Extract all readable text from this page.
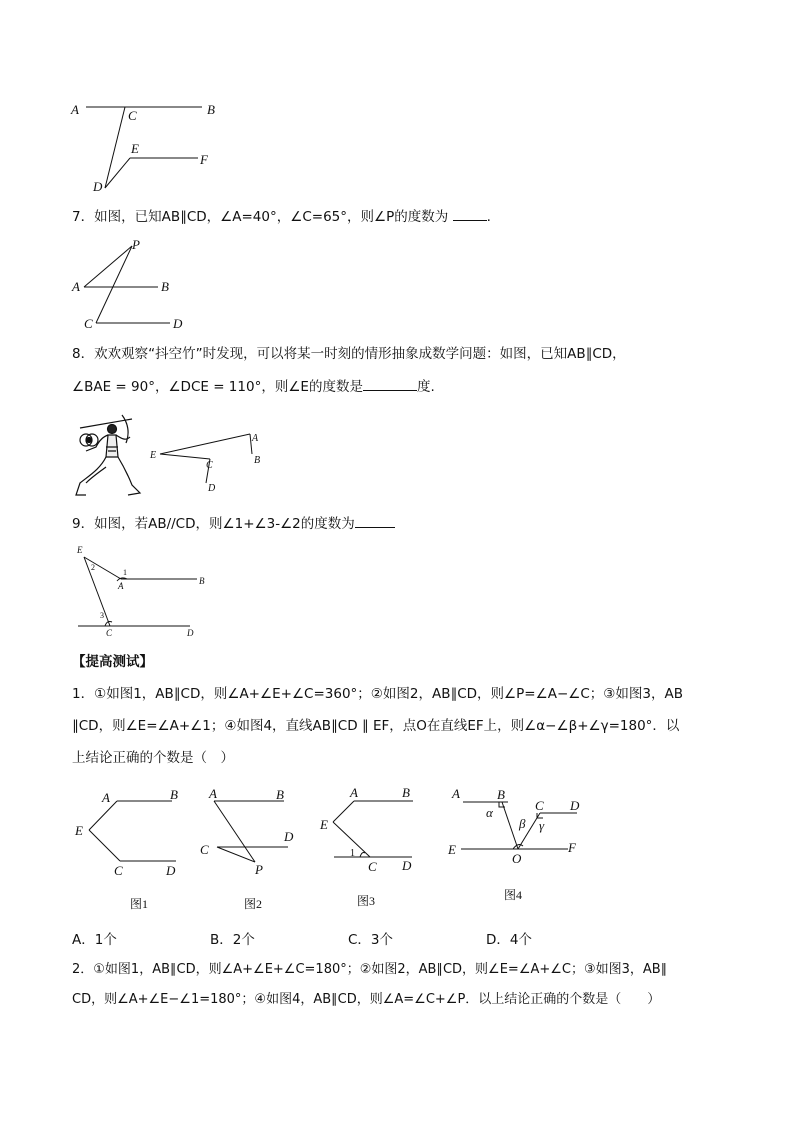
A	B
C
E
F
D
7．如图，已知AB∥CD，∠A=40°，∠C=65°，则∠P的度数为	.
P
A	B
C	D
8．欢欢观察“抖空竹”时发现，可以将某一时刻的情形抽象成数学问题：如图，已知AB∥CD，
∠BAE = 90°，∠DCE = 110°，则∠E的度数是	度.
A
B
E
C
D
9．如图，若AB//CD，则∠1+∠3-∠2的度数为
E
2
1
A	B
3
C	D
【提高测试】
1．①如图1，AB∥CD，则∠A+∠E+∠C=360°；②如图2，AB∥CD，则∠P=∠A−∠C；③如图3，AB
∥CD，则∠E=∠A+∠1；④如图4，直线AB∥CD ∥ EF，点O在直线EF上，则∠α−∠β+∠γ=180°．以
上结论正确的个数是（　）
A	B
E
C	D
图1
A	B
D
C
P
图2
A	B
E
1
C D
图3
A	B
α	C D
β γ
E
O
F
图4
A．1个	B．2个	C．3个	D．4个
2．①如图1，AB∥CD，则∠A+∠E+∠C=180°；②如图2，AB∥CD，则∠E=∠A+∠C；③如图3，AB∥
CD，则∠A+∠E−∠1=180°；④如图4，AB∥CD，则∠A=∠C+∠P．以上结论正确的个数是（　　）
